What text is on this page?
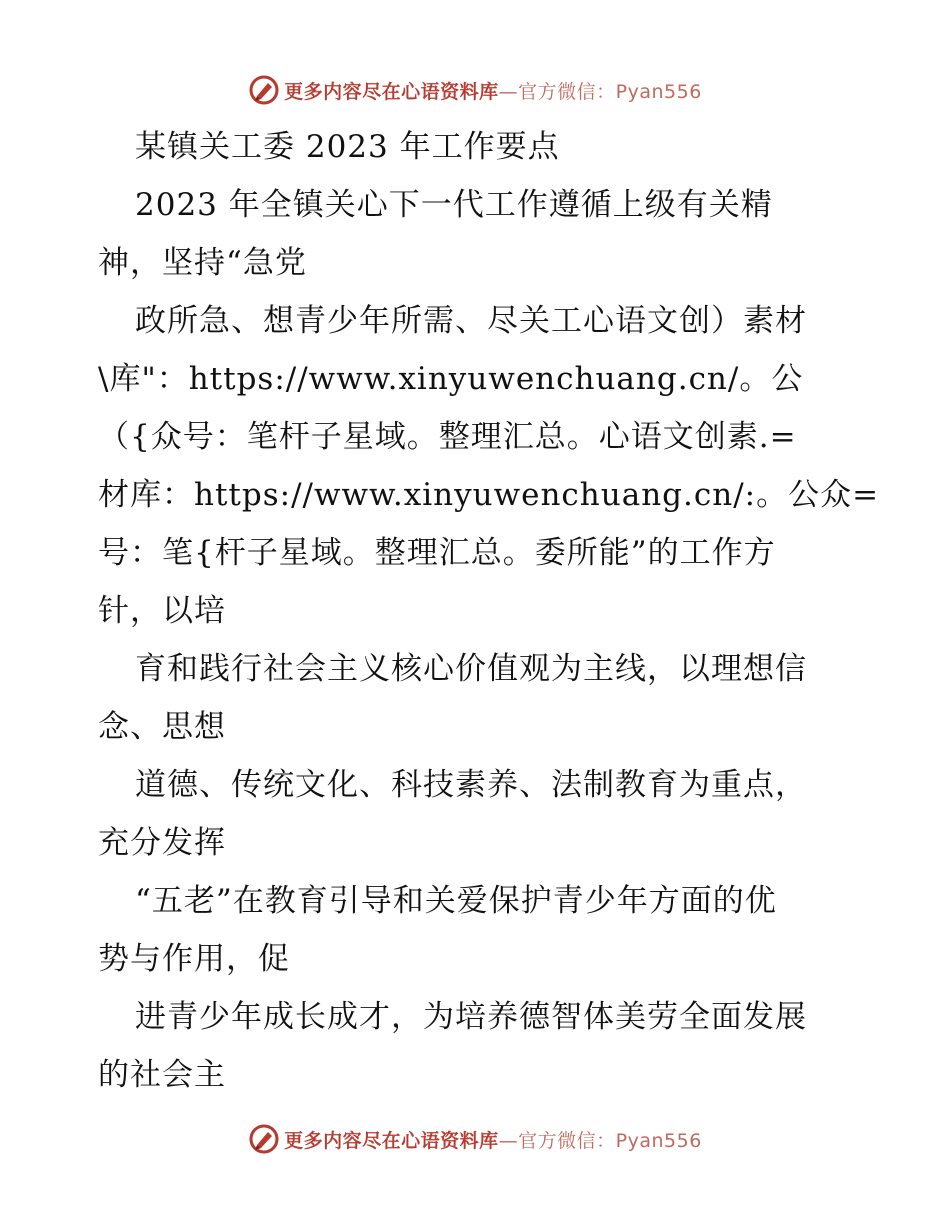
更多内容尽在心语资料库—官方微信：Pyan556
某镇关工委 2023 年工作要点
2023 年全镇关心下一代工作遵循上级有关精
神，坚持“急党
政所急、想青少年所需、尽关工心语文创）素材
\库"：https://www.xinyuwenchuang.cn/。公
（{众号：笔杆子星域。整理汇总。心语文创素.=
材库：https://www.xinyuwenchuang.cn/:。公众=
号：笔{杆子星域。整理汇总。委所能”的工作方
针，以培
育和践行社会主义核心价值观为主线，以理想信
念、思想
道德、传统文化、科技素养、法制教育为重点，
充分发挥
“五老”在教育引导和关爱保护青少年方面的优
势与作用，促
进青少年成长成才，为培养德智体美劳全面发展
的社会主
更多内容尽在心语资料库—官方微信：Pyan556
